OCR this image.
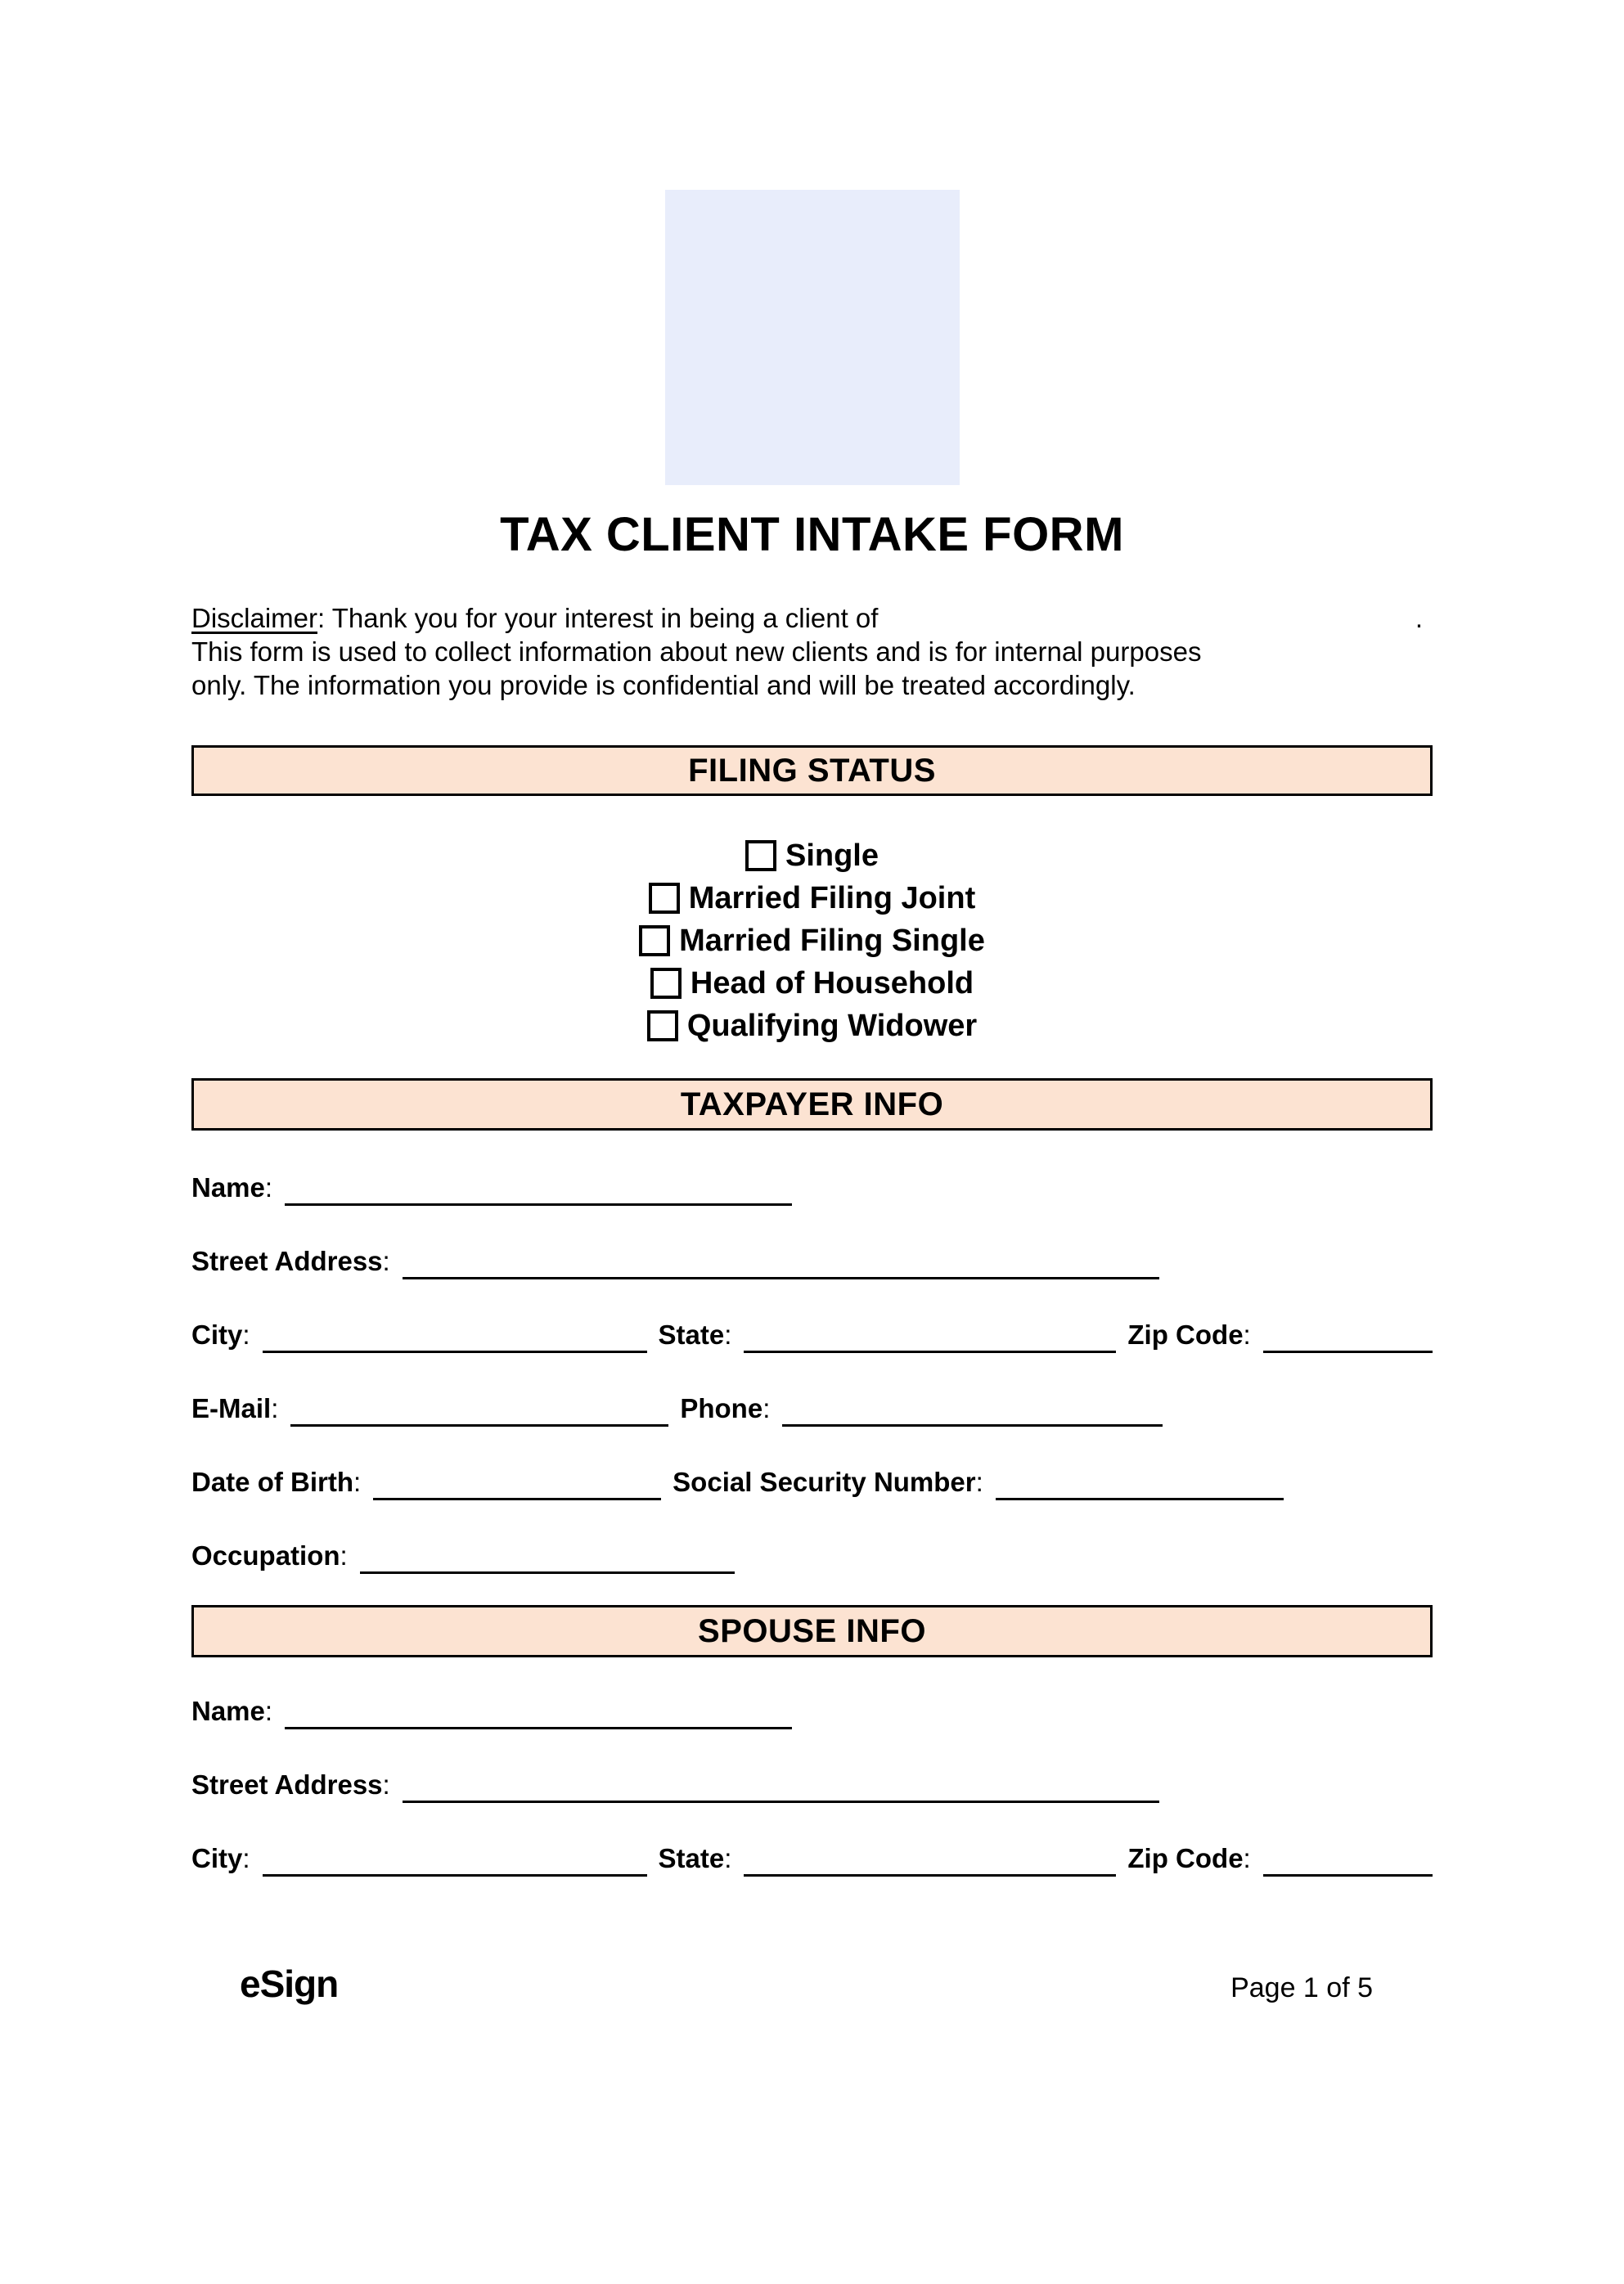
TAX CLIENT INTAKE FORM
Disclaimer: Thank you for your interest in being a client of	.
This form is used to collect information about new clients and is for internal purposes
only. The information you provide is confidential and will be treated accordingly.
FILING STATUS
Single
Married Filing Joint
Married Filing Single
Head of Household
Qualifying Widower
TAXPAYER INFO
Name :
Street Address :
City :	State :	Zip Code :
E-Mail :	Phone :
Date of Birth :	Social Security Number :
Occupation :
SPOUSE INFO
Name :
Street Address :
City :	State :	Zip Code :
eSign	Page 1 of 5
